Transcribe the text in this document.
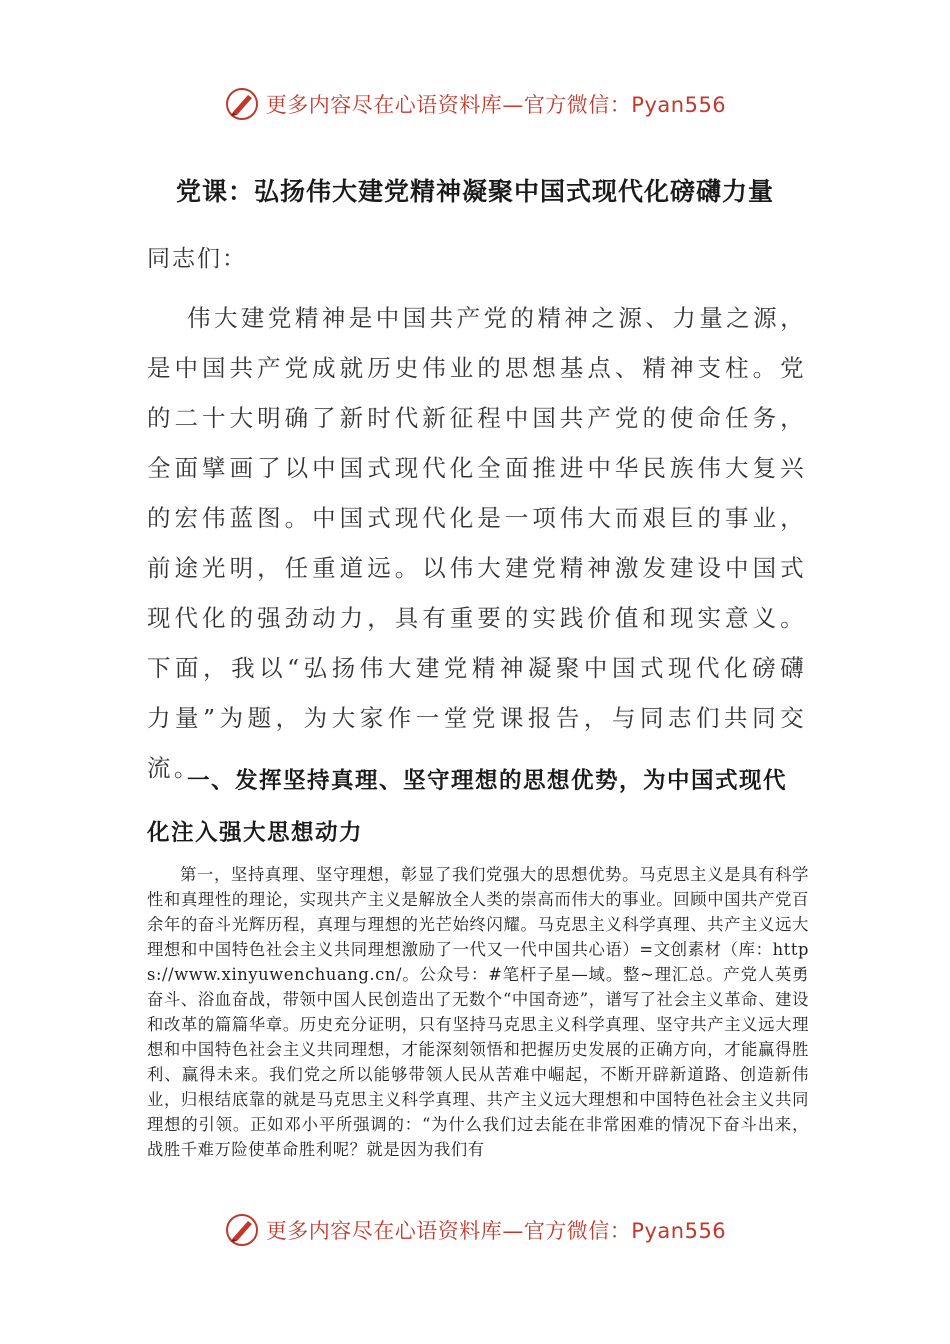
更多内容尽在心语资料库 —官方微信：Pyan556
党课：弘扬伟大建党精神凝聚中国式现代化磅礴力量
同志们：

伟大建党精神是中国共产党的精神之源、力量之源，是中国共产党成就历史伟业的思想基点、精神支柱。党的二十大明确了新时代新征程中国共产党的使命任务，全面擘画了以中国式现代化全面推进中华民族伟大复兴的宏伟蓝图。中国式现代化是一项伟大而艰巨的事业，前途光明，任重道远。以伟大建党精神激发建设中国式现代化的强劲动力，具有重要的实践价值和现实意义。下面，我以“弘扬伟大建党精神凝聚中国式现代化磅礴力量”为题，为大家作一堂党课报告，与同志们共同交流。

一、发挥坚持真理、坚守理想的思想优势，为中国式现代化注入强大思想动力

第一，坚持真理、坚守理想，彰显了我们党强大的思想优势。马克思主义是具有科学性和真理性的理论，实现共产主义是解放全人类的崇高而伟大的事业。回顾中国共产党百余年的奋斗光辉历程，真理与理想的光芒始终闪耀。马克思主义科学真理、共产主义远大理想和中国特色社会主义共同理想激励了一代又一代中国共心语）=文创素材（库：https://www.xinyuwenchuang.cn/。公众号：#笔杆子星—域。整~理汇总。产党人英勇奋斗、浴血奋战，带领中国人民创造出了无数个“中国奇迹”，谱写了社会主义革命、建设和改革的篇篇华章。历史充分证明，只有坚持马克思主义科学真理、坚守共产主义远大理想和中国特色社会主义共同理想，才能深刻领悟和把握历史发展的正确方向，才能赢得胜利、赢得未来。我们党之所以能够带领人民从苦难中崛起，不断开辟新道路、创造新伟业，归根结底靠的就是马克思主义科学真理、共产主义远大理想和中国特色社会主义共同理想的引领。正如邓小平所强调的：“为什么我们过去能在非常困难的情况下奋斗出来，战胜千难万险使革命胜利呢？就是因为我们有

更多内容尽在心语资料库 —官方微信：Pyan556
